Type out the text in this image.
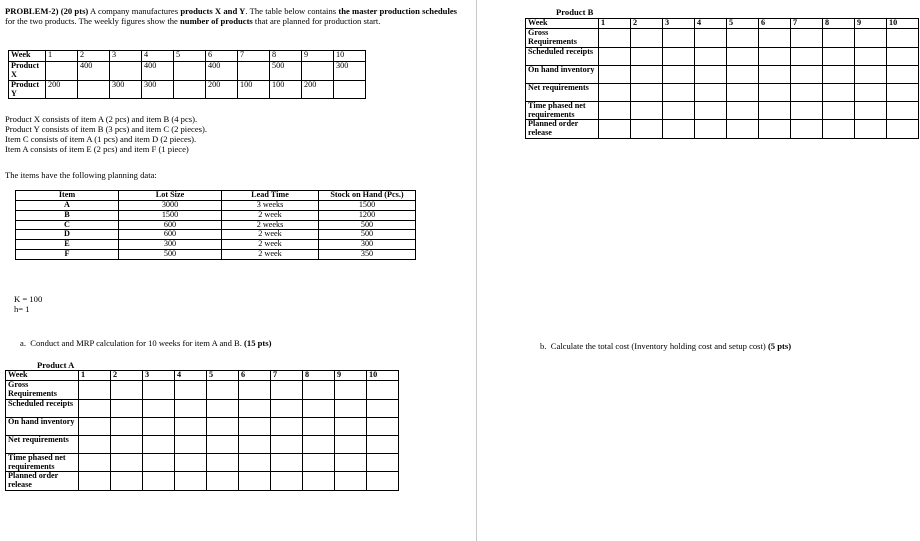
PROBLEM-2) (20 pts) A company manufactures products X and Y. The table below contains the master production schedules for the two products. The weekly figures show the number of products that are planned for production start.

Week	1	2	3	4	5	6	7	8	9	10
Product X		400		400		400		500		300
Product Y	200		300	300		200	100	100	200	

Product X consists of item A (2 pcs) and item B (4 pcs).

Product Y consists of item B (3 pcs) and item C (2 pieces).

Item C consists of item A (1 pcs) and item D (2 pieces).

Item A consists of item E (2 pcs) and item F (1 piece)

The items have the following planning data:
Item	Lot Size	Lead Time	Stock on Hand (Pcs.)
A	3000	3 weeks	1500
B	1500	2 week	1200
C	600	2 weeks	500
D	600	2 week	500
E	300	2 week	300
F	500	2 week	350

K = 100

h= 1

a. Conduct and MRP calculation for 10 weeks for item A and B. (15 pts)
Product A
Week	1	2	3	4	5	6	7	8	9	10
Gross Requirements										
Scheduled receipts										
On hand inventory										
Net requirements										
Time phased net requirements										
Planned order release										
Product B
Week	1	2	3	4	5	6	7	8	9	10
Gross Requirements										
Scheduled receipts										
On hand inventory										
Net requirements										
Time phased net requirements										
Planned order release										
b. Calculate the total cost (Inventory holding cost and setup cost) (5 pts)
